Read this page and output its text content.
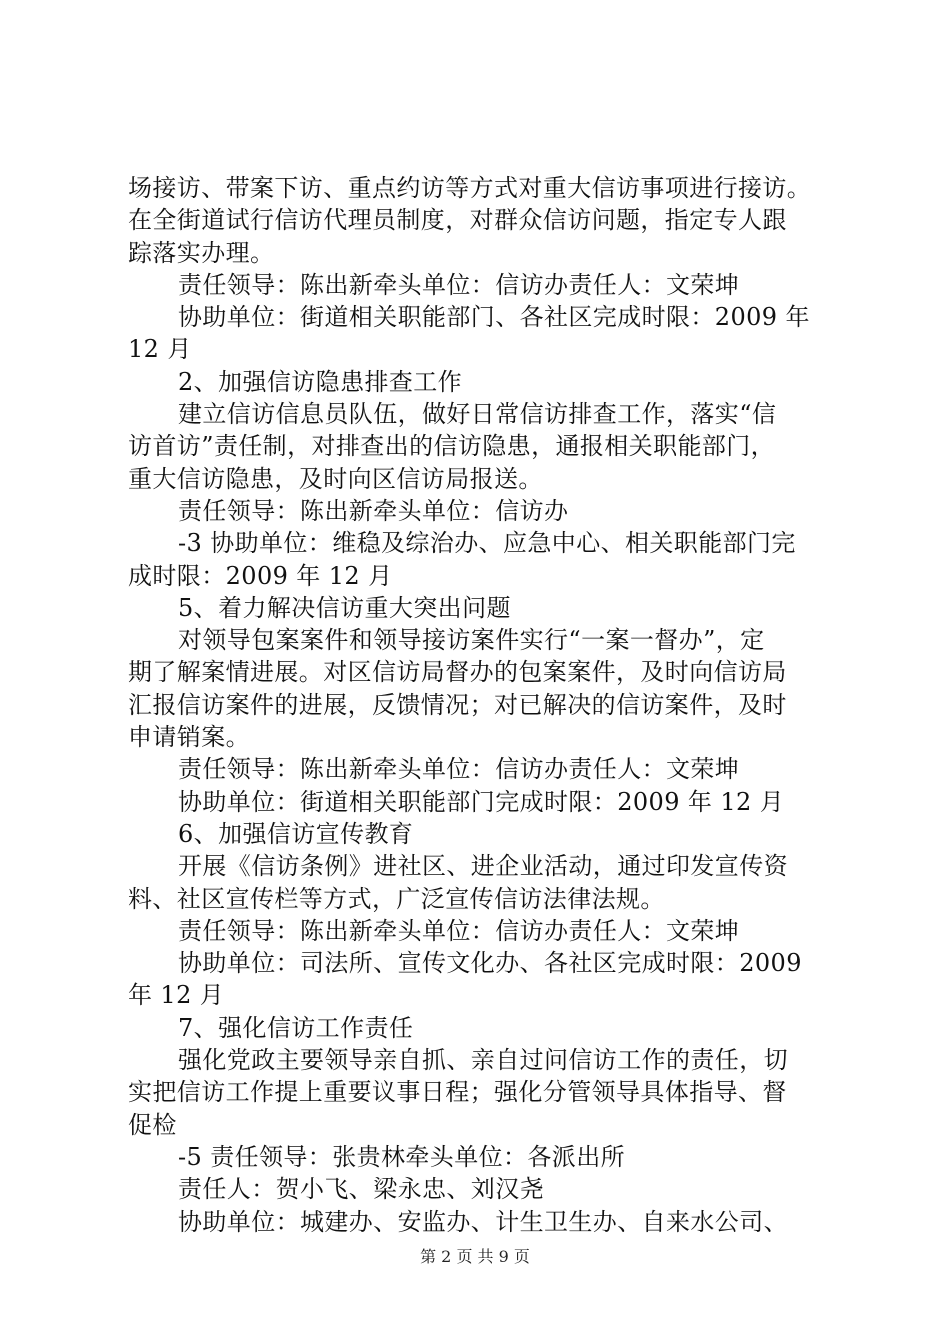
场接访、带案下访、重点约访等方式对重大信访事项进行接访。
在全街道试行信访代理员制度，对群众信访问题，指定专人跟
踪落实办理。
责任领导：陈出新牵头单位：信访办责任人：文荣坤
协助单位：街道相关职能部门、各社区完成时限：2009 年
12 月
2、加强信访隐患排查工作
建立信访信息员队伍，做好日常信访排查工作，落实“信
访首访”责任制，对排查出的信访隐患，通报相关职能部门，
重大信访隐患，及时向区信访局报送。
责任领导：陈出新牵头单位：信访办
-3 协助单位：维稳及综治办、应急中心、相关职能部门完
成时限：2009 年 12 月
5、着力解决信访重大突出问题
对领导包案案件和领导接访案件实行“一案一督办”，定
期了解案情进展。对区信访局督办的包案案件，及时向信访局
汇报信访案件的进展，反馈情况；对已解决的信访案件，及时
申请销案。
责任领导：陈出新牵头单位：信访办责任人：文荣坤
协助单位：街道相关职能部门完成时限：2009 年 12 月
6、加强信访宣传教育
开展《信访条例》进社区、进企业活动，通过印发宣传资
料、社区宣传栏等方式，广泛宣传信访法律法规。
责任领导：陈出新牵头单位：信访办责任人：文荣坤
协助单位：司法所、宣传文化办、各社区完成时限：2009
年 12 月
7、强化信访工作责任
强化党政主要领导亲自抓、亲自过问信访工作的责任，切
实把信访工作提上重要议事日程；强化分管领导具体指导、督
促检
-5 责任领导：张贵林牵头单位：各派出所
责任人：贺小飞、梁永忠、刘汉尧
协助单位：城建办、安监办、计生卫生办、自来水公司、
第 2 页 共 9 页
